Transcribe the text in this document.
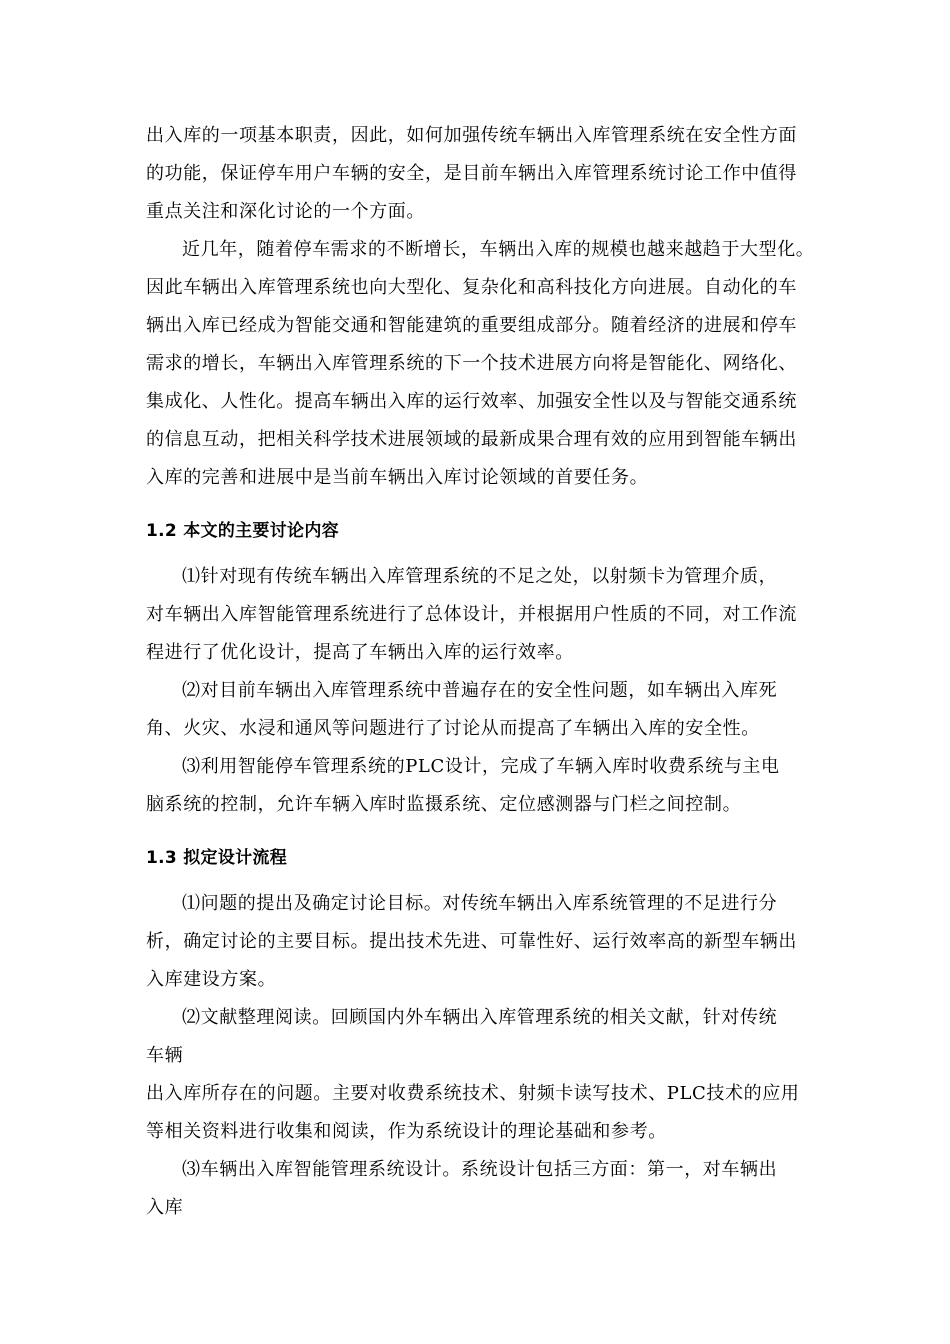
出入库的一项基本职责，因此，如何加强传统车辆出入库管理系统在安全性方面
的功能，保证停车用户车辆的安全，是目前车辆出入库管理系统讨论工作中值得
重点关注和深化讨论的一个方面。
近几年，随着停车需求的不断增长，车辆出入库的规模也越来越趋于大型化。
因此车辆出入库管理系统也向大型化、复杂化和高科技化方向进展。自动化的车
辆出入库已经成为智能交通和智能建筑的重要组成部分。随着经济的进展和停车
需求的增长，车辆出入库管理系统的下一个技术进展方向将是智能化、网络化、
集成化、人性化。提高车辆出入库的运行效率、加强安全性以及与智能交通系统
的信息互动，把相关科学技术进展领域的最新成果合理有效的应用到智能车辆出
入库的完善和进展中是当前车辆出入库讨论领域的首要任务。
1.2 本文的主要讨论内容
⑴针对现有传统车辆出入库管理系统的不足之处，以射频卡为管理介质，
对车辆出入库智能管理系统进行了总体设计，并根据用户性质的不同，对工作流
程进行了优化设计，提高了车辆出入库的运行效率。
⑵对目前车辆出入库管理系统中普遍存在的安全性问题，如车辆出入库死
角、火灾、水浸和通风等问题进行了讨论从而提高了车辆出入库的安全性。
⑶利用智能停车管理系统的PLC设计，完成了车辆入库时收费系统与主电
脑系统的控制，允许车辆入库时监摄系统、定位感测器与门栏之间控制。
1.3 拟定设计流程
⑴问题的提出及确定讨论目标。对传统车辆出入库系统管理的不足进行分
析，确定讨论的主要目标。提出技术先进、可靠性好、运行效率高的新型车辆出
入库建设方案。
⑵文献整理阅读。回顾国内外车辆出入库管理系统的相关文献，针对传统
车辆
出入库所存在的问题。主要对收费系统技术、射频卡读写技术、PLC技术的应用
等相关资料进行收集和阅读，作为系统设计的理论基础和参考。
⑶车辆出入库智能管理系统设计。系统设计包括三方面：第一，对车辆出
入库
